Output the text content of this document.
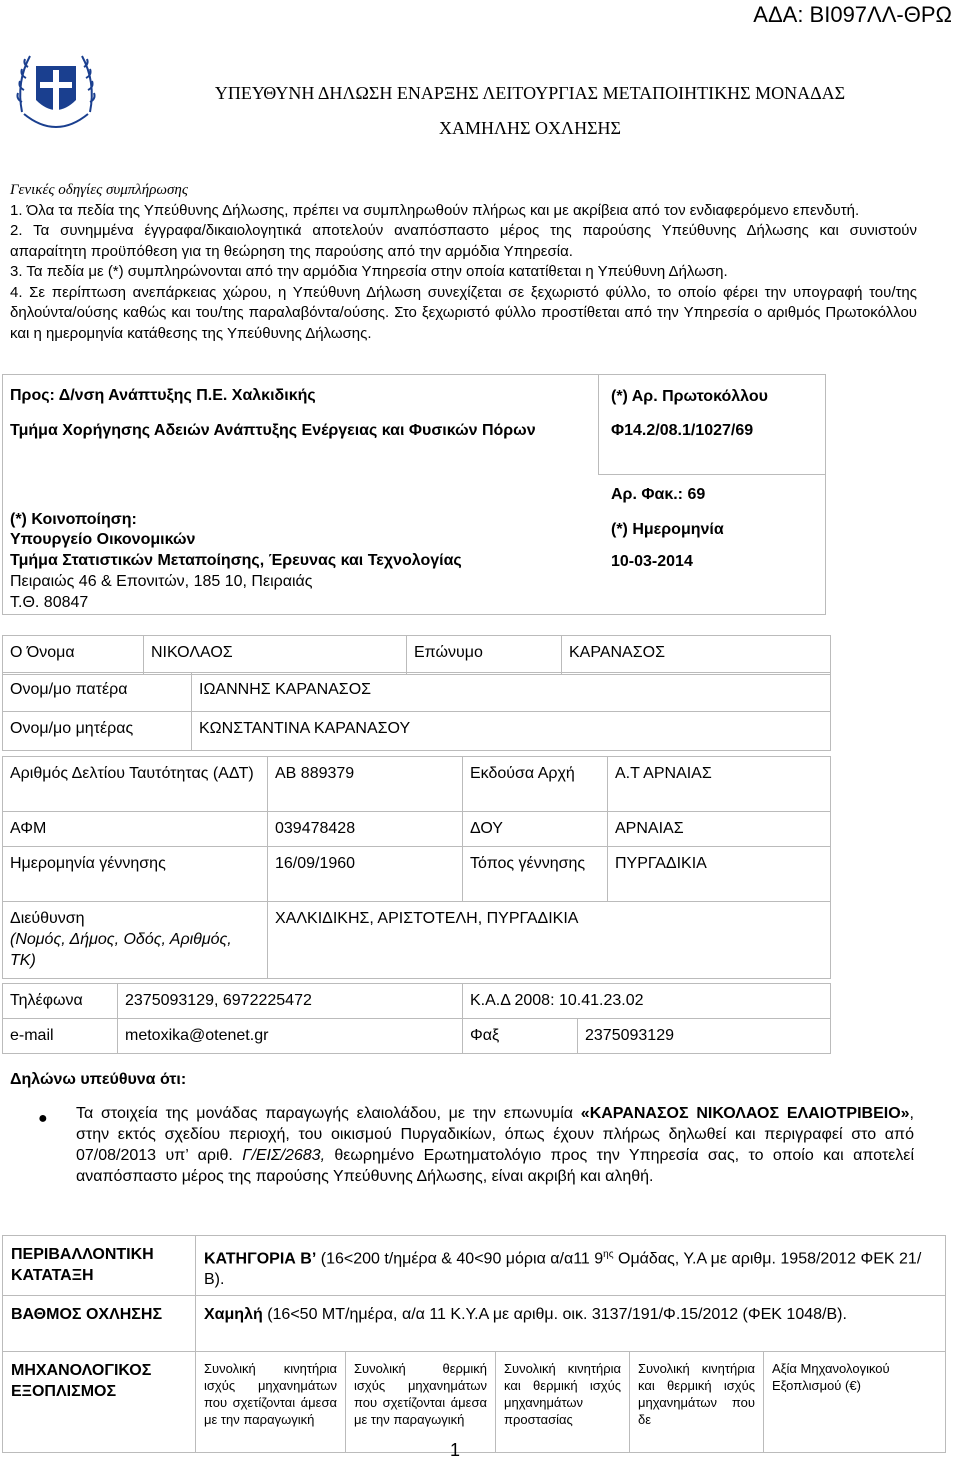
ΑΔΑ: ΒΙ097ΛΛ-ΘΡΩ
ΥΠΕΥΘΥΝΗ ΔΗΛΩΣΗ ΕΝΑΡΞΗΣ ΛΕΙΤΟΥΡΓΙΑΣ ΜΕΤΑΠΟΙΗΤΙΚΗΣ ΜΟΝΑΔΑΣ
ΧΑΜΗΛΗΣ ΟΧΛΗΣΗΣ

Γενικές οδηγίες συμπλήρωσης

1. Όλα τα πεδία της Υπεύθυνης Δήλωσης, πρέπει να συμπληρωθούν πλήρως και με ακρίβεια από τον ενδιαφερόμενο επενδυτή.

2. Τα συνημμένα έγγραφα/δικαιολογητικά αποτελούν αναπόσπαστο μέρος της παρούσης Υπεύθυνης Δήλωσης και συνιστούν απαραίτητη προϋπόθεση για τη θεώρηση της παρούσης από την αρμόδια Υπηρεσία.

3. Τα πεδία με (*) συμπληρώνονται από την αρμόδια Υπηρεσία στην οποία κατατίθεται η Υπεύθυνη Δήλωση.

4. Σε περίπτωση ανεπάρκειας χώρου, η Υπεύθυνη Δήλωση συνεχίζεται σε ξεχωριστό φύλλο, το οποίο φέρει την υπογραφή του/της δηλούντα/ούσης καθώς και του/της παραλαβόντα/ούσης. Στο ξεχωριστό φύλλο προστίθεται από την Υπηρεσία ο αριθμός Πρωτοκόλλου και η ημερομηνία κατάθεσης της Υπεύθυνης Δήλωσης.

Προς: Δ/νση Ανάπτυξης Π.Ε. Χαλκιδικής
Τμήμα Χορήγησης Αδειών Ανάπτυξης Ενέργειας και Φυσικών Πόρων
(*) Κοινοποίηση:
Υπουργείο Οικονομικών
Τμήμα Στατιστικών Μεταποίησης, Έρευνας και Τεχνολογίας
Πειραιώς 46 & Επονιτών, 185 10, Πειραιάς
Τ.Θ. 80847
(*) Αρ. Πρωτοκόλλου
Φ14.2/08.1/1027/69
Αρ. Φακ.: 69
(*) Ημερομηνία
10-03-2014
Ο Όνομα	ΝΙΚΟΛΑΟΣ	Επώνυμο	ΚΑΡΑΝΑΣΟΣ
Ονομ/μο πατέρα	ΙΩΑΝΝΗΣ ΚΑΡΑΝΑΣΟΣ
Ονομ/μο μητέρας	ΚΩΝΣΤΑΝΤΙΝΑ ΚΑΡΑΝΑΣΟΥ
Αριθμός Δελτίου Ταυτότητας (ΑΔΤ)	ΑΒ 889379	Εκδούσα Αρχή	Α.Τ ΑΡΝΑΙΑΣ
ΑΦΜ	039478428	ΔΟΥ	ΑΡΝΑΙΑΣ
Ημερομηνία γέννησης	16/09/1960	Τόπος γέννησης	ΠΥΡΓΑΔΙΚΙΑ

Διεύθυνση
(Νομός, Δήμος, Οδός, Αριθμός, ΤΚ)	ΧΑΛΚΙΔΙΚΗΣ, ΑΡΙΣΤΟΤΕΛΗ, ΠΥΡΓΑΔΙΚΙΑ		
Τηλέφωνα	2375093129, 6972225472	Κ.Α.Δ 2008: 10.41.23.02	
e-mail	metoxika@otenet.gr	Φαξ	2375093129
Δηλώνω υπεύθυνα ότι:
● Τα στοιχεία της μονάδας παραγωγής ελαιολάδου, με την επωνυμία «ΚΑΡΑΝΑΣΟΣ ΝΙΚΟΛΑΟΣ ΕΛΑΙΟΤΡΙΒΕΙΟ», στην εκτός σχεδίου περιοχή, του οικισμού Πυργαδικίων, όπως έχουν πλήρως δηλωθεί και περιγραφεί στο από 07/08/2013 υπ’ αριθ. Γ/ΕΙΣ/2683, θεωρημένο Ερωτηματολόγιο προς την Υπηρεσία σας, το οποίο και αποτελεί αναπόσπαστο μέρος της παρούσης Υπεύθυνης Δήλωσης, είναι ακριβή και αληθή.
ΠΕΡΙΒΑΛΛΟΝΤΙΚΗ ΚΑΤΑΤΑΞΗ	ΚΑΤΗΓΟΡΙΑ Β’ (16<200 t/ημέρα & 40<90 μόρια α/α11 $9^{\eta\varsigma}$ Ομάδας, Υ.Α με αριθμ. 1958/2012 ΦΕΚ 21/Β).				
ΒΑΘΜΟΣ ΟΧΛΗΣΗΣ	Χαμηλή (16<50 ΜΤ/ημέρα, α/α 11 Κ.Υ.Α με αριθμ. οικ. 3137/191/Φ.15/2012 (ΦΕΚ 1048/Β).				
ΜΗΧΑΝΟΛΟΓΙΚΟΣ ΕΞΟΠΛΙΣΜΟΣ	Συνολική κινητήρια ισχύς μηχανημάτων που σχετίζονται άμεσα με την παραγωγική	Συνολική θερμική ισχύς μηχανημάτων που σχετίζονται άμεσα με την παραγωγική	Συνολική κινητήρια και θερμική ισχύς μηχανημάτων προστασίας	Συνολική κινητήρια και θερμική ισχύς μηχανημάτων που δε	Αξία Μηχανολογικού Εξοπλισμού (€)
1
